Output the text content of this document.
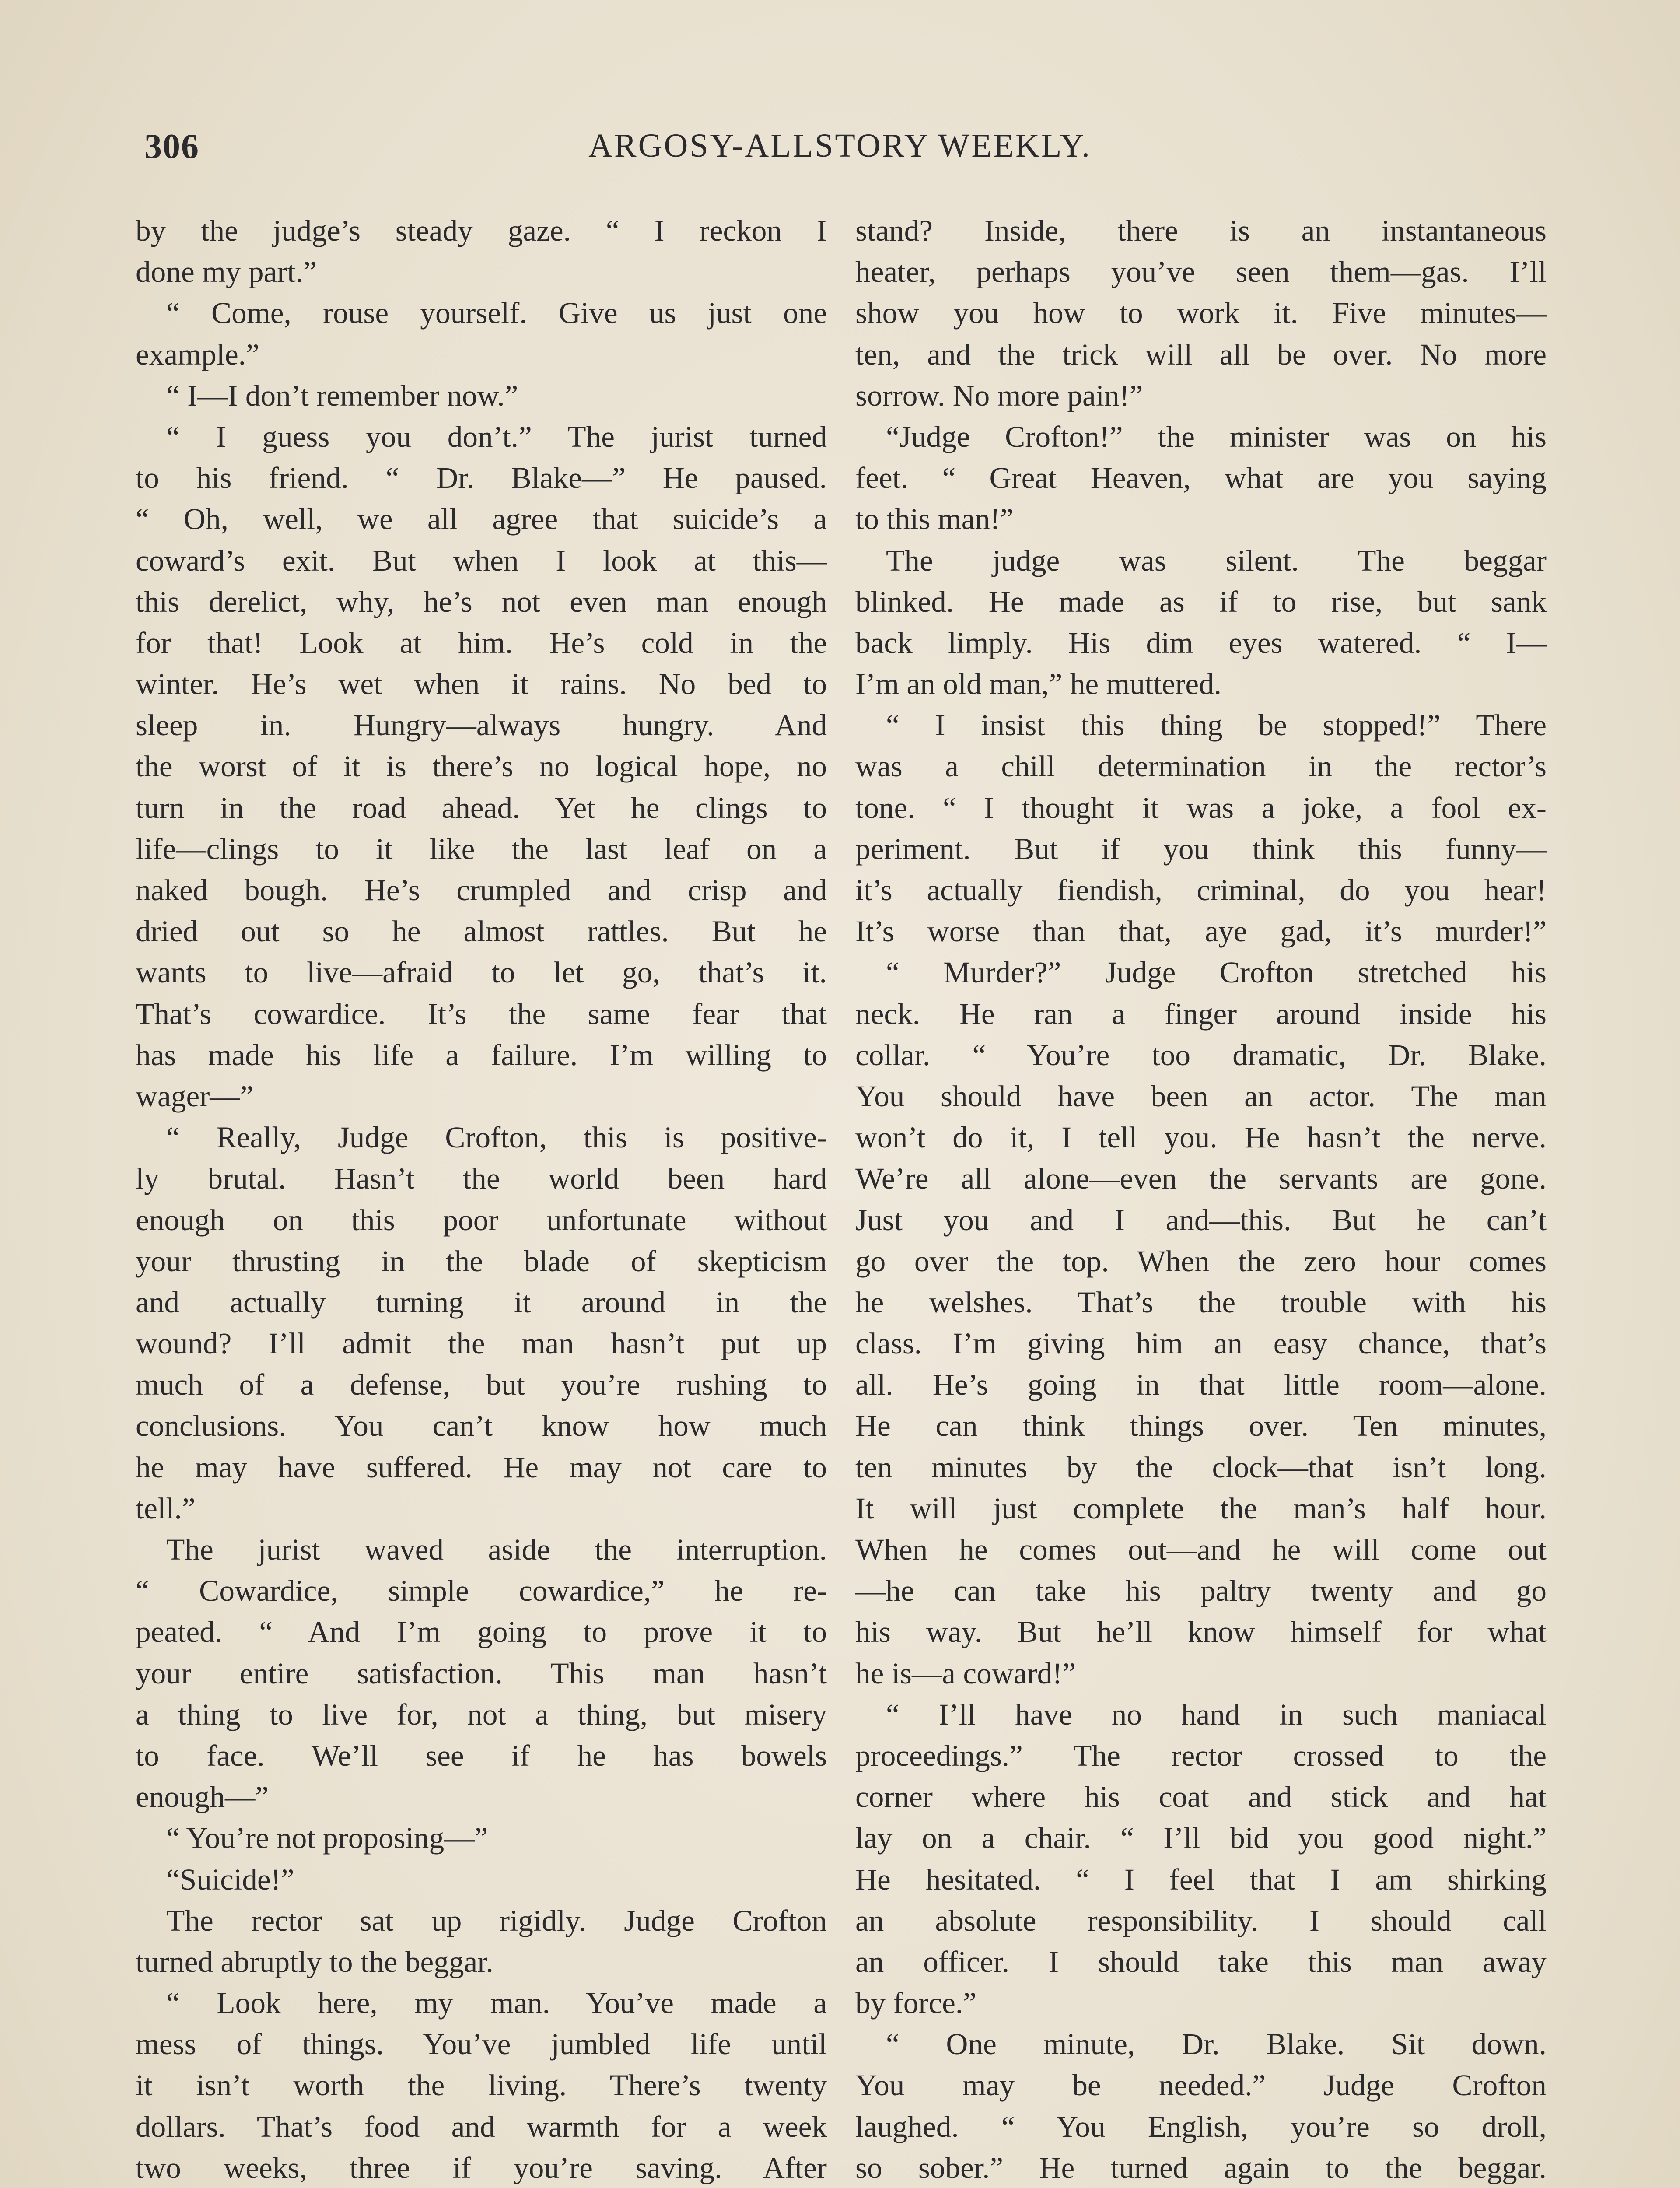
306	ARGOSY-ALLSTORY WEEKLY.
by the judge’s steady gaze. “ I reckon I
done my part.”
“ Come, rouse yourself. Give us just one
example.”
“ I—I don’t remember now.”
“ I guess you don’t.” The jurist turned
to his friend. “ Dr. Blake—” He paused.
“ Oh, well, we all agree that suicide’s a
coward’s exit. But when I look at this—
this derelict, why, he’s not even man enough
for that! Look at him. He’s cold in the
winter. He’s wet when it rains. No bed to
sleep in. Hungry—always hungry. And
the worst of it is there’s no logical hope, no
turn in the road ahead. Yet he clings to
life—clings to it like the last leaf on a
naked bough. He’s crumpled and crisp and
dried out so he almost rattles. But he
wants to live—afraid to let go, that’s it.
That’s cowardice. It’s the same fear that
has made his life a failure. I’m willing to
wager—”
“ Really, Judge Crofton, this is positive-
ly brutal. Hasn’t the world been hard
enough on this poor unfortunate without
your thrusting in the blade of skepticism
and actually turning it around in the
wound? I’ll admit the man hasn’t put up
much of a defense, but you’re rushing to
conclusions. You can’t know how much
he may have suffered. He may not care to
tell.”
The jurist waved aside the interruption.
“ Cowardice, simple cowardice,” he re-
peated. “ And I’m going to prove it to
your entire satisfaction. This man hasn’t
a thing to live for, not a thing, but misery
to face. We’ll see if he has bowels
enough—”
“ You’re not proposing—”
“Suicide!”
The rector sat up rigidly. Judge Crofton
turned abruptly to the beggar.
“ Look here, my man. You’ve made a
mess of things. You’ve jumbled life until
it isn’t worth the living. There’s twenty
dollars. That’s food and warmth for a week
two weeks, three if you’re saving. After
stand? Inside, there is an instantaneous
heater, perhaps you’ve seen them—gas. I’ll
show you how to work it. Five minutes—
ten, and the trick will all be over. No more
sorrow. No more pain!”
“Judge Crofton!” the minister was on his
feet. “ Great Heaven, what are you saying
to this man!”
The judge was silent. The beggar
blinked. He made as if to rise, but sank
back limply. His dim eyes watered. “ I—
I’m an old man,” he muttered.
“ I insist this thing be stopped!” There
was a chill determination in the rector’s
tone. “ I thought it was a joke, a fool ex-
periment. But if you think this funny—
it’s actually fiendish, criminal, do you hear!
It’s worse than that, aye gad, it’s murder!”
“ Murder?” Judge Crofton stretched his
neck. He ran a finger around inside his
collar. “ You’re too dramatic, Dr. Blake.
You should have been an actor. The man
won’t do it, I tell you. He hasn’t the nerve.
We’re all alone—even the servants are gone.
Just you and I and—this. But he can’t
go over the top. When the zero hour comes
he welshes. That’s the trouble with his
class. I’m giving him an easy chance, that’s
all. He’s going in that little room—alone.
He can think things over. Ten minutes,
ten minutes by the clock—that isn’t long.
It will just complete the man’s half hour.
When he comes out—and he will come out
—he can take his paltry twenty and go
his way. But he’ll know himself for what
he is—a coward!”
“ I’ll have no hand in such maniacal
proceedings.” The rector crossed to the
corner where his coat and stick and hat
lay on a chair. “ I’ll bid you good night.”
He hesitated. “ I feel that I am shirking
an absolute responsibility. I should call
an officer. I should take this man away
by force.”
“ One minute, Dr. Blake. Sit down.
You may be needed.” Judge Crofton
laughed. “ You English, you’re so droll,
so sober.” He turned again to the beggar.
